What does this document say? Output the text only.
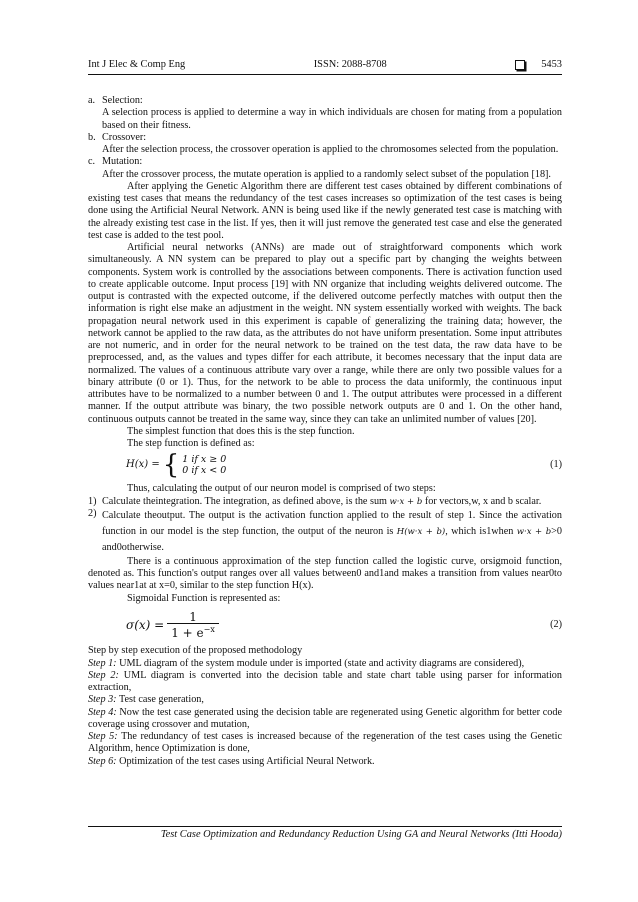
Int J Elec & Comp Eng	ISSN: 2088-8708	5453
a. Selection:
A selection process is applied to determine a way in which individuals are chosen for mating from a population based on their fitness.
b. Crossover:
After the selection process, the crossover operation is applied to the chromosomes selected from the population.
c. Mutation:
After the crossover process, the mutate operation is applied to a randomly select subset of the population [18].

After applying the Genetic Algorithm there are different test cases obtained by different combinations of existing test cases that means the redundancy of the test cases increases so optimization of the test cases is being done using the Artificial Neural Network. ANN is being used like if the newly generated test case is matching with the already existing test case in the list. If yes, then it will just remove the generated test case and else the generated test case is added to the test pool.

Artificial neural networks (ANNs) are made out of straightforward components which work simultaneously. A NN system can be prepared to play out a specific part by changing the weights between components. System work is controlled by the associations between components. There is activation function used to create applicable outcome. Input process [19] with NN organize that including weights delivered outcome. The output is contrasted with the expected outcome, if the delivered outcome perfectly matches with output then the information is right else make an adjustment in the weight. NN system essentially worked with weights. The back propagation neural network used in this experiment is capable of generalizing the training data; however, the network cannot be applied to the raw data, as the attributes do not have uniform presentation. Some input attributes are not numeric, and in order for the neural network to be trained on the test data, the raw data have to be preprocessed, and, as the values and types differ for each attribute, it becomes necessary that the input data are normalized. The values of a continuous attribute vary over a range, while there are only two possible values for a binary attribute (0 or 1). Thus, for the network to be able to process the data uniformly, the continuous input attributes have to be normalized to a number between 0 and 1. The output attributes were processed in a different manner. If the output attribute was binary, the two possible network outputs are 0 and 1. On the other hand, continuous outputs cannot be treated in the same way, since they can take an unlimited number of values [20].

The simplest function that does this is the step function.

The step function is defined as:

H(x) = { 1 if x ≥ 0
0 if x < 0
(1)

Thus, calculating the output of our neuron model is comprised of two steps:

1) Calculate theintegration. The integration, as defined above, is the sum w·x + b for vectors,w, x and b scalar.
2) Calculate theoutput. The output is the activation function applied to the result of step 1. Since the activation function in our model is the step function, the output of the neuron is H(w·x + b), which is1when w·x + b>0 and0otherwise.

There is a continuous approximation of the step function called the logistic curve, orsigmoid function, denoted as. This function's output ranges over all values between0 and1and makes a transition from values near0to values near1at at x=0, similar to the step function H(x).

Sigmoidal Function is represented as:

$\sigma(x) = \frac{1}{1 + e^{-x}}$	(2)

Step by step execution of the proposed methodology

Step 1: UML diagram of the system module under is imported (state and activity diagrams are considered),

Step 2: UML diagram is converted into the decision table and state chart table using parser for information extraction,

Step 3: Test case generation,

Step 4: Now the test case generated using the decision table are regenerated using Genetic algorithm for better code coverage using crossover and mutation,

Step 5: The redundancy of test cases is increased because of the regeneration of the test cases using the Genetic Algorithm, hence Optimization is done,

Step 6: Optimization of the test cases using Artificial Neural Network.

Test Case Optimization and Redundancy Reduction Using GA and Neural Networks (Itti Hooda)
